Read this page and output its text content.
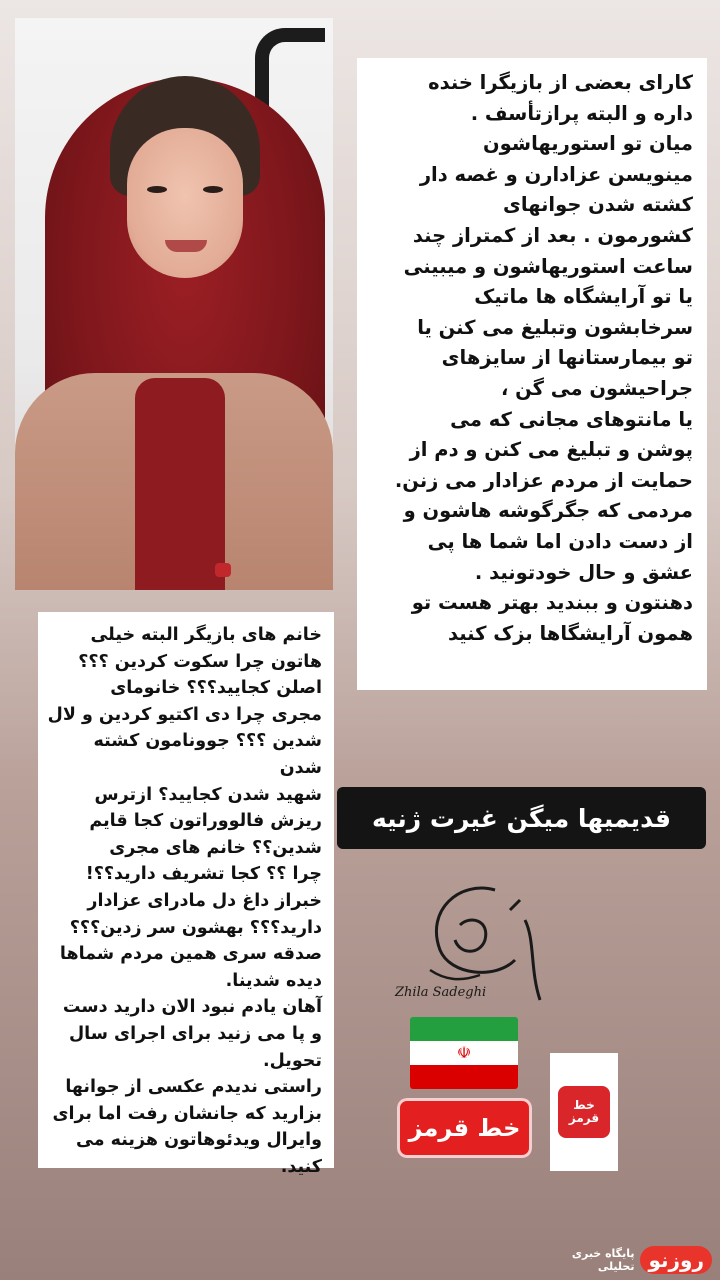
کارای بعضی از بازیگرا خنده
داره و البته پرازتأسف .
میان تو استوریهاشون
مینویسن عزادارن و غصه دار
کشته شدن جوانهای
کشورمون . بعد از کمتراز چند
ساعت استوریهاشون و میبینی
یا تو آرایشگاه ها ماتیک
سرخابشون وتبلیغ می کنن یا
تو بیمارستانها از سایزهای
جراحیشون می گن ،
یا مانتوهای مجانی که می
پوشن و تبلیغ می کنن و دم از
حمایت از مردم عزادار می زنن.
مردمی که جگرگوشه هاشون و
از دست دادن اما شما ها پی
عشق و حال خودتونید .
دهنتون و ببندید بهتر هست تو
همون آرایشگاها بزک کنید
خانم های بازیگر البته خیلی
هاتون چرا سکوت کردین ؟؟؟
اصلن کجایید؟؟؟ خانومای
مجری چرا دی اکتیو کردین و لال
شدین ؟؟؟ جوونامون کشته شدن
شهید شدن کجایید؟ ازترس
ریزش فالووراتون کجا قایم
شدین؟؟ خانم های مجری
چرا ؟؟ کجا تشریف دارید؟؟!
خبراز داغ دل مادرای عزادار
دارید؟؟؟ بهشون سر زدین؟؟؟
صدقه سری همین مردم شماها
دیده شدینا.
آهان یادم نبود الان دارید دست
و پا می زنید برای اجرای سال
تحویل.
راستی ندیدم عکسی از جوانها
بزارید که جانشان رفت اما برای
وایرال ویدئوهاتون هزینه می
کنید.
قدیمیها میگن غیرت ژنیه
Zhila Sadeghi
☫
خط قرمز
خط قرمز
پایگاه خبری تحلیلی روزنو
